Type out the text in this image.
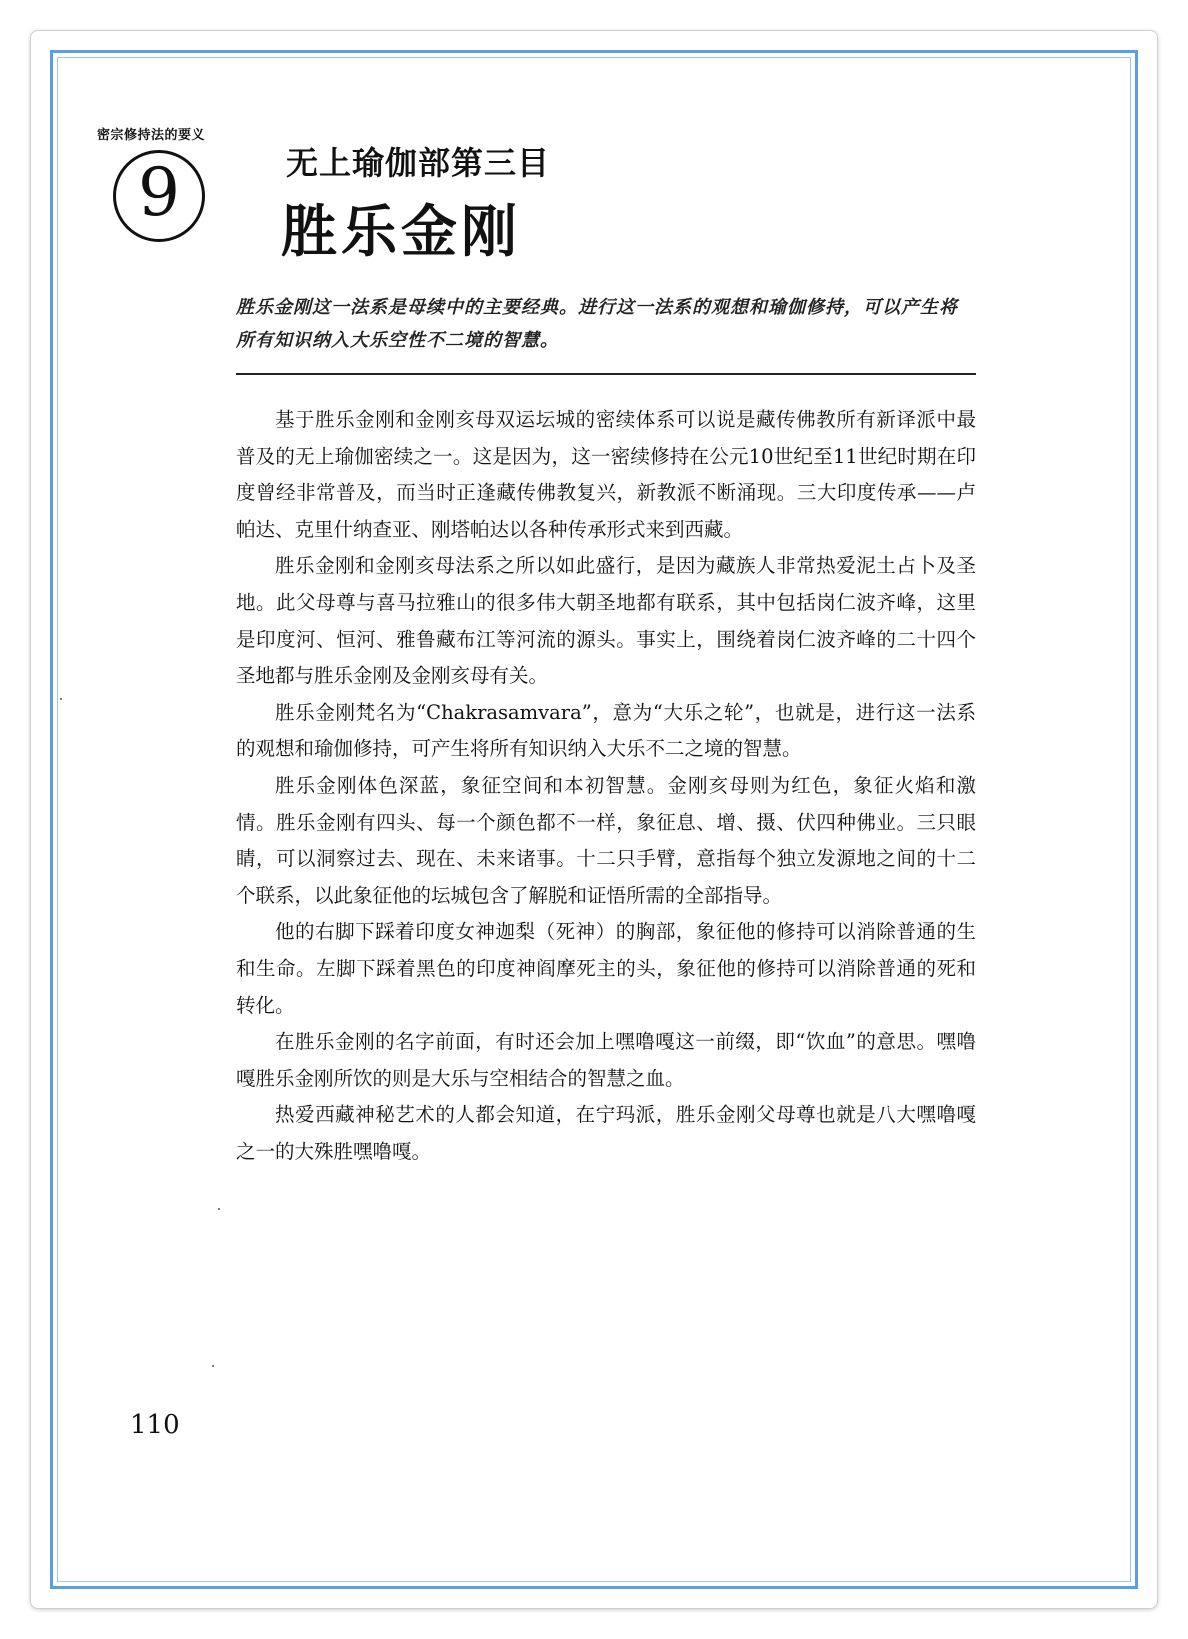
密宗修持法的要义
9	无上瑜伽部第三目
胜乐金刚
胜乐金刚这一法系是母续中的主要经典。进行这一法系的观想和瑜伽修持，可以产生将所有知识纳入大乐空性不二境的智慧。

基于胜乐金刚和金刚亥母双运坛城的密续体系可以说是藏传佛教所有新译派中最普及的无上瑜伽密续之一。这是因为，这一密续修持在公元10世纪至11世纪时期在印度曾经非常普及，而当时正逢藏传佛教复兴，新教派不断涌现。三大印度传承——卢帕达、克里什纳查亚、刚塔帕达以各种传承形式来到西藏。

胜乐金刚和金刚亥母法系之所以如此盛行，是因为藏族人非常热爱泥土占卜及圣地。此父母尊与喜马拉雅山的很多伟大朝圣地都有联系，其中包括岗仁波齐峰，这里是印度河、恒河、雅鲁藏布江等河流的源头。事实上，围绕着岗仁波齐峰的二十四个圣地都与胜乐金刚及金刚亥母有关。

胜乐金刚梵名为“Chakrasamvara”，意为“大乐之轮”，也就是，进行这一法系的观想和瑜伽修持，可产生将所有知识纳入大乐不二之境的智慧。

胜乐金刚体色深蓝，象征空间和本初智慧。金刚亥母则为红色，象征火焰和激情。胜乐金刚有四头、每一个颜色都不一样，象征息、增、摄、伏四种佛业。三只眼睛，可以洞察过去、现在、未来诸事。十二只手臂，意指每个独立发源地之间的十二个联系，以此象征他的坛城包含了解脱和证悟所需的全部指导。

他的右脚下踩着印度女神迦梨（死神）的胸部，象征他的修持可以消除普通的生和生命。左脚下踩着黑色的印度神阎摩死主的头，象征他的修持可以消除普通的死和转化。

在胜乐金刚的名字前面，有时还会加上嘿噜嘎这一前缀，即“饮血”的意思。嘿噜嘎胜乐金刚所饮的则是大乐与空相结合的智慧之血。

热爱西藏神秘艺术的人都会知道，在宁玛派，胜乐金刚父母尊也就是八大嘿噜嘎之一的大殊胜嘿噜嘎。

110
